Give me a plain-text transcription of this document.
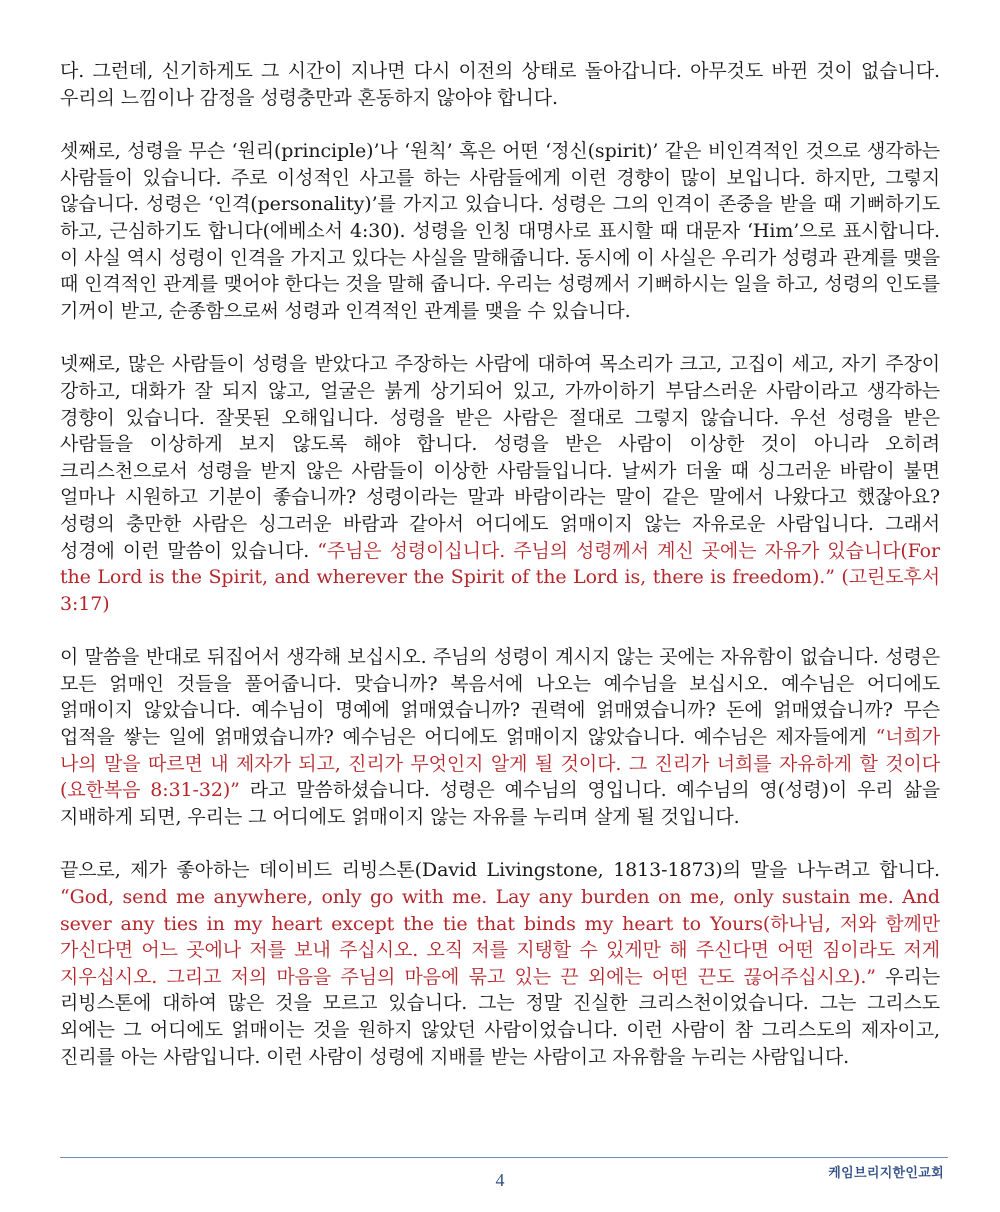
다. 그런데, 신기하게도 그 시간이 지나면 다시 이전의 상태로 돌아갑니다. 아무것도 바뀐 것이 없습니다. 우리의 느낌이나 감정을 성령충만과 혼동하지 않아야 합니다.

셋째로, 성령을 무슨 ‘원리(principle)’나 ‘원칙’ 혹은 어떤 ‘정신(spirit)’ 같은 비인격적인 것으로 생각하는 사람들이 있습니다. 주로 이성적인 사고를 하는 사람들에게 이런 경향이 많이 보입니다. 하지만, 그렇지 않습니다. 성령은 ‘인격(personality)’를 가지고 있습니다. 성령은 그의 인격이 존중을 받을 때 기뻐하기도 하고, 근심하기도 합니다(에베소서 4:30). 성령을 인칭 대명사로 표시할 때 대문자 ‘Him’으로 표시합니다. 이 사실 역시 성령이 인격을 가지고 있다는 사실을 말해줍니다. 동시에 이 사실은 우리가 성령과 관계를 맺을 때 인격적인 관계를 맺어야 한다는 것을 말해 줍니다. 우리는 성령께서 기뻐하시는 일을 하고, 성령의 인도를 기꺼이 받고, 순종함으로써 성령과 인격적인 관계를 맺을 수 있습니다.

넷째로, 많은 사람들이 성령을 받았다고 주장하는 사람에 대하여 목소리가 크고, 고집이 세고, 자기 주장이 강하고, 대화가 잘 되지 않고, 얼굴은 붉게 상기되어 있고, 가까이하기 부담스러운 사람이라고 생각하는 경향이 있습니다. 잘못된 오해입니다. 성령을 받은 사람은 절대로 그렇지 않습니다. 우선 성령을 받은 사람들을 이상하게 보지 않도록 해야 합니다. 성령을 받은 사람이 이상한 것이 아니라 오히려 크리스천으로서 성령을 받지 않은 사람들이 이상한 사람들입니다. 날씨가 더울 때 싱그러운 바람이 불면 얼마나 시원하고 기분이 좋습니까? 성령이라는 말과 바람이라는 말이 같은 말에서 나왔다고 했잖아요? 성령의 충만한 사람은 싱그러운 바람과 같아서 어디에도 얽매이지 않는 자유로운 사람입니다. 그래서 성경에 이런 말씀이 있습니다. “주님은 성령이십니다. 주님의 성령께서 계신 곳에는 자유가 있습니다(For the Lord is the Spirit, and wherever the Spirit of the Lord is, there is freedom).” (고린도후서 3:17)

이 말씀을 반대로 뒤집어서 생각해 보십시오. 주님의 성령이 계시지 않는 곳에는 자유함이 없습니다. 성령은 모든 얽매인 것들을 풀어줍니다. 맞습니까? 복음서에 나오는 예수님을 보십시오. 예수님은 어디에도 얽매이지 않았습니다. 예수님이 명예에 얽매였습니까? 권력에 얽매였습니까? 돈에 얽매였습니까? 무슨 업적을 쌓는 일에 얽매였습니까? 예수님은 어디에도 얽매이지 않았습니다. 예수님은 제자들에게 “너희가 나의 말을 따르면 내 제자가 되고, 진리가 무엇인지 알게 될 것이다. 그 진리가 너희를 자유하게 할 것이다(요한복음 8:31-32)” 라고 말씀하셨습니다. 성령은 예수님의 영입니다. 예수님의 영(성령)이 우리 삶을 지배하게 되면, 우리는 그 어디에도 얽매이지 않는 자유를 누리며 살게 될 것입니다.

끝으로, 제가 좋아하는 데이비드 리빙스톤(David Livingstone, 1813-1873)의 말을 나누려고 합니다. “God, send me anywhere, only go with me. Lay any burden on me, only sustain me. And sever any ties in my heart except the tie that binds my heart to Yours(하나님, 저와 함께만 가신다면 어느 곳에나 저를 보내 주십시오. 오직 저를 지탱할 수 있게만 해 주신다면 어떤 짐이라도 저게 지우십시오. 그리고 저의 마음을 주님의 마음에 묶고 있는 끈 외에는 어떤 끈도 끊어주십시오).” 우리는 리빙스톤에 대하여 많은 것을 모르고 있습니다. 그는 정말 진실한 크리스천이었습니다. 그는 그리스도 외에는 그 어디에도 얽매이는 것을 원하지 않았던 사람이었습니다. 이런 사람이 참 그리스도의 제자이고, 진리를 아는 사람입니다. 이런 사람이 성령에 지배를 받는 사람이고 자유함을 누리는 사람입니다.

4	케임브리지한인교회
